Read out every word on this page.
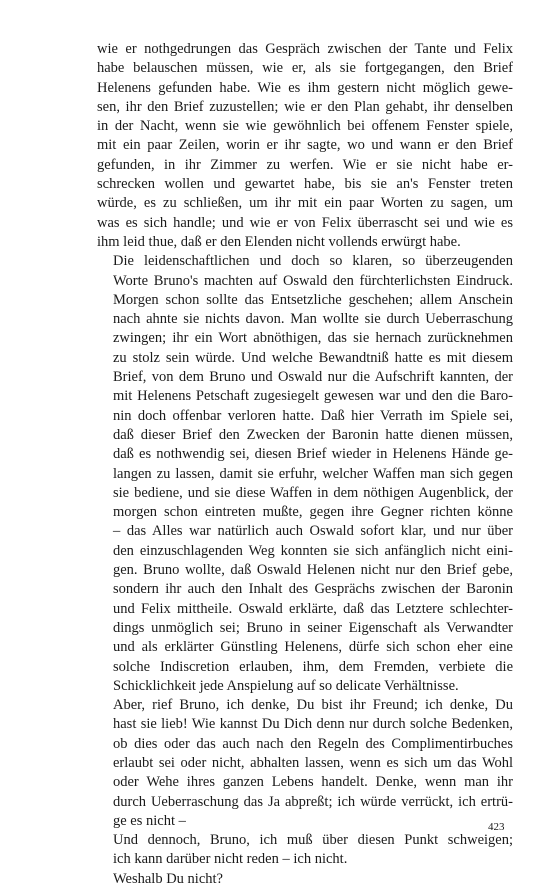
wie er nothgedrungen das Gespräch zwischen der Tante und Felix
habe belauschen müssen, wie er, als sie fortgegangen, den Brief
Helenens gefunden habe. Wie es ihm gestern nicht möglich gewe-
sen, ihr den Brief zuzustellen; wie er den Plan gehabt, ihr denselben
in der Nacht, wenn sie wie gewöhnlich bei offenem Fenster spiele,
mit ein paar Zeilen, worin er ihr sagte, wo und wann er den Brief
gefunden, in ihr Zimmer zu werfen. Wie er sie nicht habe er-
schrecken wollen und gewartet habe, bis sie an's Fenster treten
würde, es zu schließen, um ihr mit ein paar Worten zu sagen, um
was es sich handle; und wie er von Felix überrascht sei und wie es
ihm leid thue, daß er den Elenden nicht vollends erwürgt habe.

Die leidenschaftlichen und doch so klaren, so überzeugenden
Worte Bruno's machten auf Oswald den fürchterlichsten Eindruck.
Morgen schon sollte das Entsetzliche geschehen; allem Anschein
nach ahnte sie nichts davon. Man wollte sie durch Ueberraschung
zwingen; ihr ein Wort abnöthigen, das sie hernach zurücknehmen
zu stolz sein würde. Und welche Bewandtniß hatte es mit diesem
Brief, von dem Bruno und Oswald nur die Aufschrift kannten, der
mit Helenens Petschaft zugesiegelt gewesen war und den die Baro-
nin doch offenbar verloren hatte. Daß hier Verrath im Spiele sei,
daß dieser Brief den Zwecken der Baronin hatte dienen müssen,
daß es nothwendig sei, diesen Brief wieder in Helenens Hände ge-
langen zu lassen, damit sie erfuhr, welcher Waffen man sich gegen
sie bediene, und sie diese Waffen in dem nöthigen Augenblick, der
morgen schon eintreten mußte, gegen ihre Gegner richten könne
– das Alles war natürlich auch Oswald sofort klar, und nur über
den einzuschlagenden Weg konnten sie sich anfänglich nicht eini-
gen. Bruno wollte, daß Oswald Helenen nicht nur den Brief gebe,
sondern ihr auch den Inhalt des Gesprächs zwischen der Baronin
und Felix mittheile. Oswald erklärte, daß das Letztere schlechter-
dings unmöglich sei; Bruno in seiner Eigenschaft als Verwandter
und als erklärter Günstling Helenens, dürfe sich schon eher eine
solche Indiscretion erlauben, ihm, dem Fremden, verbiete die
Schicklichkeit jede Anspielung auf so delicate Verhältnisse.

Aber, rief Bruno, ich denke, Du bist ihr Freund; ich denke, Du
hast sie lieb! Wie kannst Du Dich denn nur durch solche Bedenken,
ob dies oder das auch nach den Regeln des Complimentirbuches
erlaubt sei oder nicht, abhalten lassen, wenn es sich um das Wohl
oder Wehe ihres ganzen Lebens handelt. Denke, wenn man ihr
durch Ueberraschung das Ja abpreßt; ich würde verrückt, ich ertrü-
ge es nicht –

Und dennoch, Bruno, ich muß über diesen Punkt schweigen;
ich kann darüber nicht reden – ich nicht.

Weshalb Du nicht?

423
